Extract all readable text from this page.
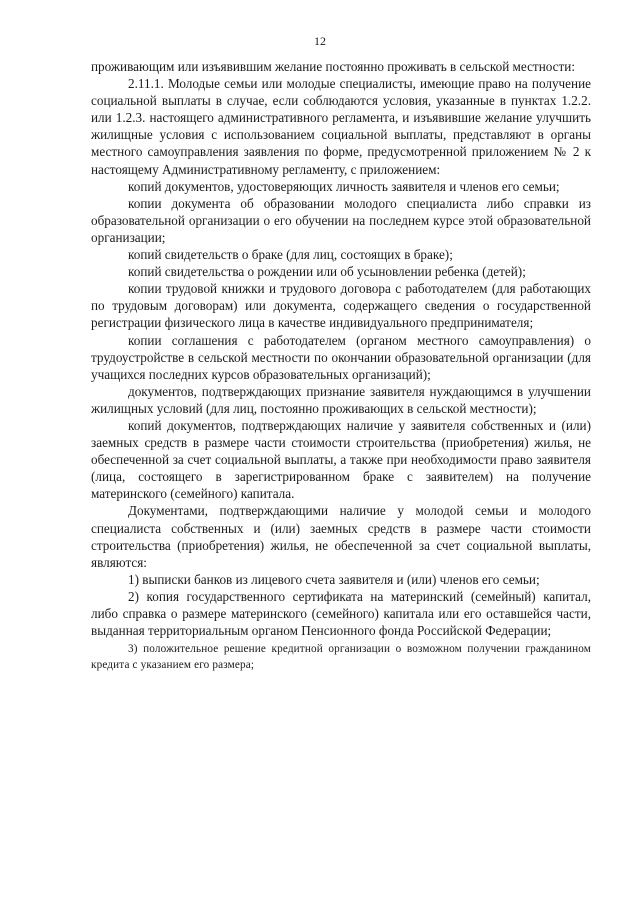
12

проживающим или изъявившим желание постоянно проживать в сельской местности:

2.11.1. Молодые семьи или молодые специалисты, имеющие право на получение социальной выплаты в случае, если соблюдаются условия, указанные в пунктах 1.2.2. или 1.2.3. настоящего административного регламента, и изъявившие желание улучшить жилищные условия с использованием социальной выплаты, представляют в органы местного самоуправления заявления по форме, предусмотренной приложением № 2 к настоящему Административному регламенту, с приложением:

копий документов, удостоверяющих личность заявителя и членов его семьи;

копии документа об образовании молодого специалиста либо справки из образовательной организации о его обучении на последнем курсе этой образовательной организации;

копий свидетельств о браке (для лиц, состоящих в браке);

копий свидетельства о рождении или об усыновлении ребенка (детей);

копии трудовой книжки и трудового договора с работодателем (для работающих по трудовым договорам) или документа, содержащего сведения о государственной регистрации физического лица в качестве индивидуального предпринимателя;

копии соглашения с работодателем (органом местного самоуправления) о трудоустройстве в сельской местности по окончании образовательной организации (для учащихся последних курсов образовательных организаций);

документов, подтверждающих признание заявителя нуждающимся в улучшении жилищных условий (для лиц, постоянно проживающих в сельской местности);

копий документов, подтверждающих наличие у заявителя собственных и (или) заемных средств в размере части стоимости строительства (приобретения) жилья, не обеспеченной за счет социальной выплаты, а также при необходимости право заявителя (лица, состоящего в зарегистрированном браке с заявителем) на получение материнского (семейного) капитала.

Документами, подтверждающими наличие у молодой семьи и молодого специалиста собственных и (или) заемных средств в размере части стоимости строительства (приобретения) жилья, не обеспеченной за счет социальной выплаты, являются:

1) выписки банков из лицевого счета заявителя и (или) членов его семьи;

2) копия государственного сертификата на материнский (семейный) капитал, либо справка о размере материнского (семейного) капитала или его оставшейся части, выданная территориальным органом Пенсионного фонда Российской Федерации;

3) положительное решение кредитной организации о возможном получении гражданином кредита с указанием его размера;
